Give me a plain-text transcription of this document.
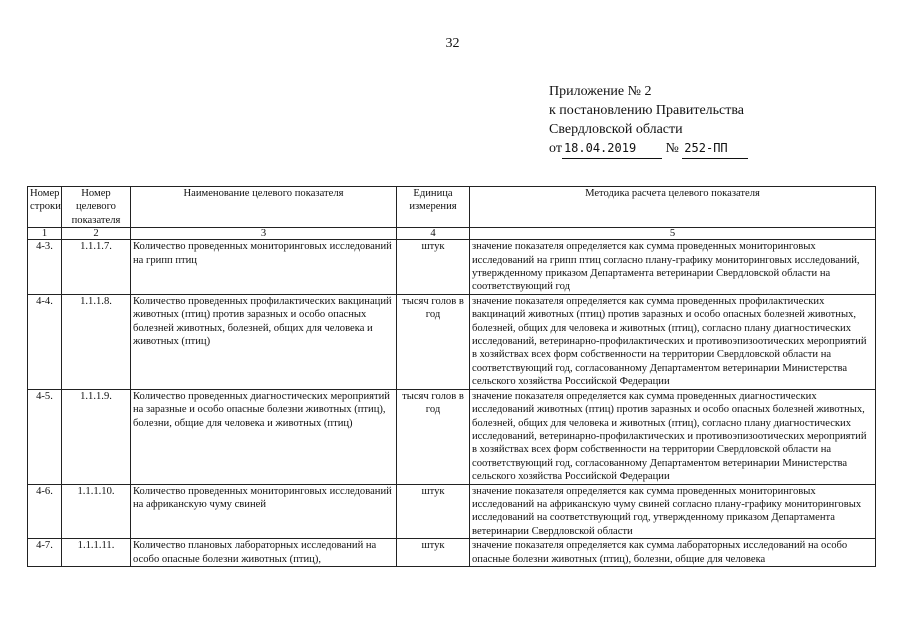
32
Приложение № 2
к постановлению Правительства
Свердловской области
от 18.04.2019 № 252-ПП
Номер строки	Номер целевого показателя	Наименование целевого показателя	Единица измерения	Методика расчета целевого показателя
1	2	3	4	5
4-3.	1.1.1.7.	Количество проведенных мониторинговых исследований на грипп птиц	штук	значение показателя определяется как сумма проведенных мониторинговых исследований на грипп птиц согласно плану-графику мониторинговых исследований, утвержденному приказом Департамента ветеринарии Свердловской области на соответствующий год
4-4.	1.1.1.8.	Количество проведенных профилактических вакцинаций животных (птиц) против заразных и особо опасных болезней животных, болезней, общих для человека и животных (птиц)	тысяч голов в год	значение показателя определяется как сумма проведенных профилактических вакцинаций животных (птиц) против заразных и особо опасных болезней животных, болезней, общих для человека и животных (птиц), согласно плану диагностических исследований, ветеринарно-профилактических и противоэпизоотических мероприятий в хозяйствах всех форм собственности на территории Свердловской области на соответствующий год, согласованному Департаментом ветеринарии Министерства сельского хозяйства Российской Федерации
4-5.	1.1.1.9.	Количество проведенных диагностических мероприятий на заразные и особо опасные болезни животных (птиц), болезни, общие для человека и животных (птиц)	тысяч голов в год	значение показателя определяется как сумма проведенных диагностических исследований животных (птиц) против заразных и особо опасных болезней животных, болезней, общих для человека и животных (птиц), согласно плану диагностических исследований, ветеринарно-профилактических и противоэпизоотических мероприятий в хозяйствах всех форм собственности на территории Свердловской области на соответствующий год, согласованному Департаментом ветеринарии Министерства сельского хозяйства Российской Федерации
4-6.	1.1.1.10.	Количество проведенных мониторинговых исследований на африканскую чуму свиней	штук	значение показателя определяется как сумма проведенных мониторинговых исследований на африканскую чуму свиней согласно плану-графику мониторинговых исследований на соответствующий год, утвержденному приказом Департамента ветеринарии Свердловской области
4-7.	1.1.1.11.	Количество плановых лабораторных исследований на особо опасные болезни животных (птиц),	штук	значение показателя определяется как сумма лабораторных исследований на особо опасные болезни животных (птиц), болезни, общие для человека
